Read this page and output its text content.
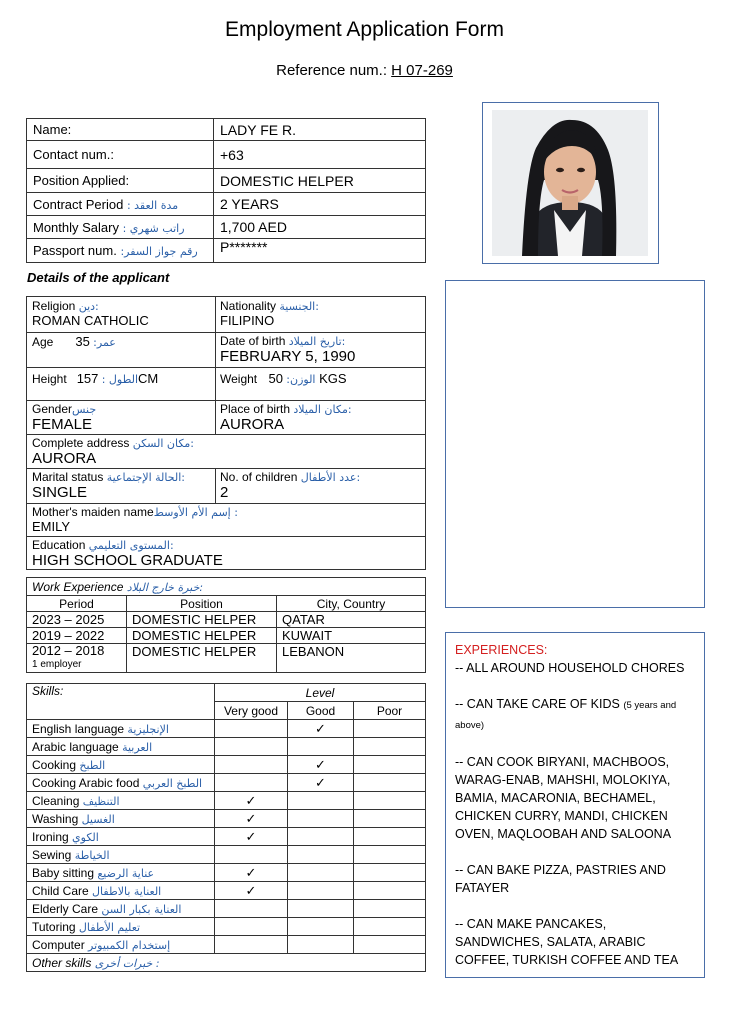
Employment Application Form
Reference num.: H 07-269
Name:	LADY FE R.
Contact num.:	+63
Position Applied:	DOMESTIC HELPER
Contract Period مدة العقد :	2 YEARS
Monthly Salary راتب شهري :	1,700 AED
Passport num. رقم جواز السفر:	P*******
Details of the applicant
Religion دين:
ROMAN CATHOLIC
Nationality الجنسية:
FILIPINO
Age	عمر: 35	Date of birth تاريخ الميلاد:
FEBRUARY 5, 1990
Height	الطول : 157CM	Weight	الوزن: 50 KGS
Genderجنس
FEMALE
Place of birth مكان الميلاد:
AURORA
Complete address مكان السكن:
AURORA
Marital status الحالة الإجتماعية:
SINGLE
No. of children عدد الأطفال:
2
Mother's maiden nameإسم الأم الأوسط :
EMILY
Education المستوى التعليمي:
HIGH SCHOOL GRADUATE
Work Experience خبرة خارج البلاد:		
Period	Position	City, Country
2023 – 2025	DOMESTIC HELPER	QATAR
2019 – 2022	DOMESTIC HELPER	KUWAIT

2012 – 2018
1 employer	DOMESTIC HELPER	LEBANON
Skills:	Level		
	Very good	Good	Poor
English language الإنجليزية		✓	
Arabic language العربية			
Cooking الطبخ		✓	
Cooking Arabic food الطبخ العربي		✓	
Cleaning التنظيف	✓		
Washing الغسيل	✓		
Ironing الكوي	✓		
Sewing الخياطة			
Baby sitting عناية الرضيع	✓		
Child Care العناية بالاطفال	✓		
Elderly Care العناية بكبار السن			
Tutoring تعليم الأطفال			
Computer إستخدام الكمبيوتر			
Other skills خبرات أخرى :			
EXPERIENCES:

-- ALL AROUND HOUSEHOLD CHORES

-- CAN TAKE CARE OF KIDS (5 years and above)

-- CAN COOK BIRYANI, MACHBOOS, WARAG-ENAB, MAHSHI, MOLOKIYA, BAMIA, MACARONIA, BECHAMEL, CHICKEN CURRY, MANDI, CHICKEN OVEN, MAQLOOBAH AND SALOONA

-- CAN BAKE PIZZA, PASTRIES AND FATAYER

-- CAN MAKE PANCAKES, SANDWICHES, SALATA, ARABIC COFFEE, TURKISH COFFEE AND TEA
